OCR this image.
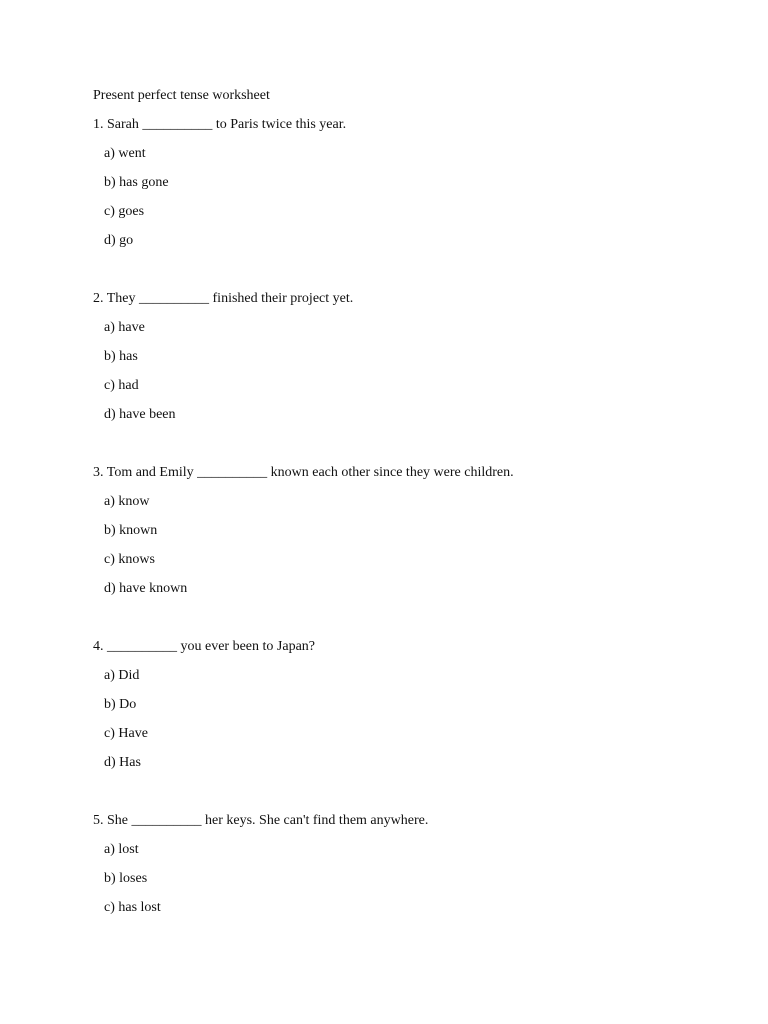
Present perfect tense worksheet
1. Sarah __________ to Paris twice this year.
a) went
b) has gone
c) goes
d) go
2. They __________ finished their project yet.
a) have
b) has
c) had
d) have been
3. Tom and Emily __________ known each other since they were children.
a) know
b) known
c) knows
d) have known
4. __________ you ever been to Japan?
a) Did
b) Do
c) Have
d) Has
5. She __________ her keys. She can't find them anywhere.
a) lost
b) loses
c) has lost
